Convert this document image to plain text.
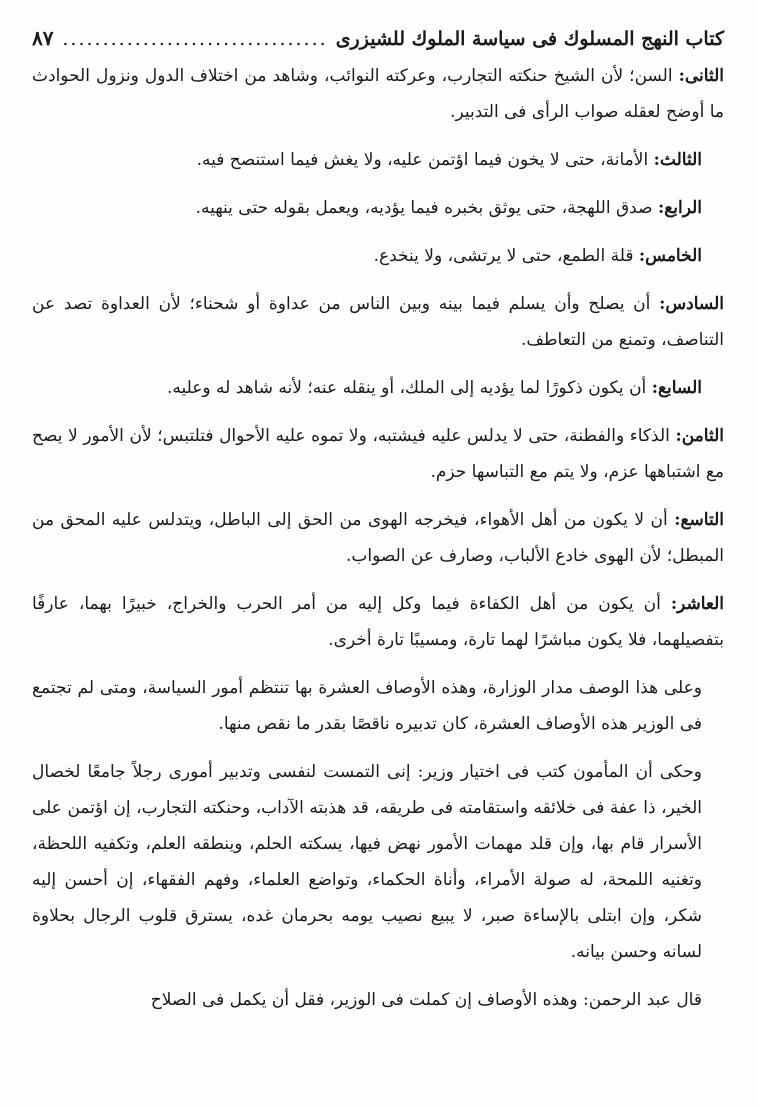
كتاب النهج المسلوك فى سياسة الملوك للشيزرى
.....
٨٧

الثانى: السن؛ لأن الشيخ حنكته التجارب، وعركته النوائب، وشاهد من اختلاف الدول ونزول الحوادث ما أوضح لعقله صواب الرأى فى التدبير.

الثالث: الأمانة، حتى لا يخون فيما اؤتمن عليه، ولا يغش فيما استنصح فيه.

الرابع: صدق اللهجة، حتى يوثق بخبره فيما يؤديه، ويعمل بقوله حتى ينهيه.

الخامس: قلة الطمع، حتى لا يرتشى، ولا ينخدع.

السادس: أن يصلح وأن يسلم فيما بينه وبين الناس من عداوة أو شحناء؛ لأن العداوة تصد عن التناصف، وتمنع من التعاطف.

السابع: أن يكون ذكورًا لما يؤديه إلى الملك، أو ينقله عنه؛ لأنه شاهد له وعليه.

الثامن: الذكاء والفطنة، حتى لا يدلس عليه فيشتبه، ولا تموه عليه الأحوال فتلتبس؛ لأن الأمور لا يصح مع اشتباهها عزم، ولا يتم مع التباسها حزم.

التاسع: أن لا يكون من أهل الأهواء، فيخرجه الهوى من الحق إلى الباطل، ويتدلس عليه المحق من المبطل؛ لأن الهوى خادع الألباب، وصارف عن الصواب.

العاشر: أن يكون من أهل الكفاءة فيما وكل إليه من أمر الحرب والخراج، خبيرًا بهما، عارفًا بتفصيلهما، فلا يكون مباشرًا لهما تارة، ومسيبًا تارة أخرى.

وعلى هذا الوصف مدار الوزارة، وهذه الأوصاف العشرة بها تنتظم أمور السياسة، ومتى لم تجتمع فى الوزير هذه الأوصاف العشرة، كان تدبيره ناقصًا بقدر ما نقص منها.

وحكى أن المأمون كتب فى اختيار وزير: إنى التمست لنفسى وتدبير أمورى رجلاً جامعًا لخصال الخير، ذا عفة فى خلائقه واستقامته فى طريقه، قد هذبته الآداب، وحنكته التجارب، إن اؤتمن على الأسرار قام بها، وإن قلد مهمات الأمور نهض فيها، يسكته الحلم، وينطقه العلم، وتكفيه اللحظة، وتغنيه اللمحة، له صولة الأمراء، وأناة الحكماء، وتواضع العلماء، وفهم الفقهاء، إن أحسن إليه شكر، وإن ابتلى بالإساءة صبر، لا يبيع نصيب يومه بحرمان غده، يسترق قلوب الرجال بحلاوة لسانه وحسن بيانه.

قال عبد الرحمن: وهذه الأوصاف إن كملت فى الوزير، فقل أن يكمل فى الصلاح
